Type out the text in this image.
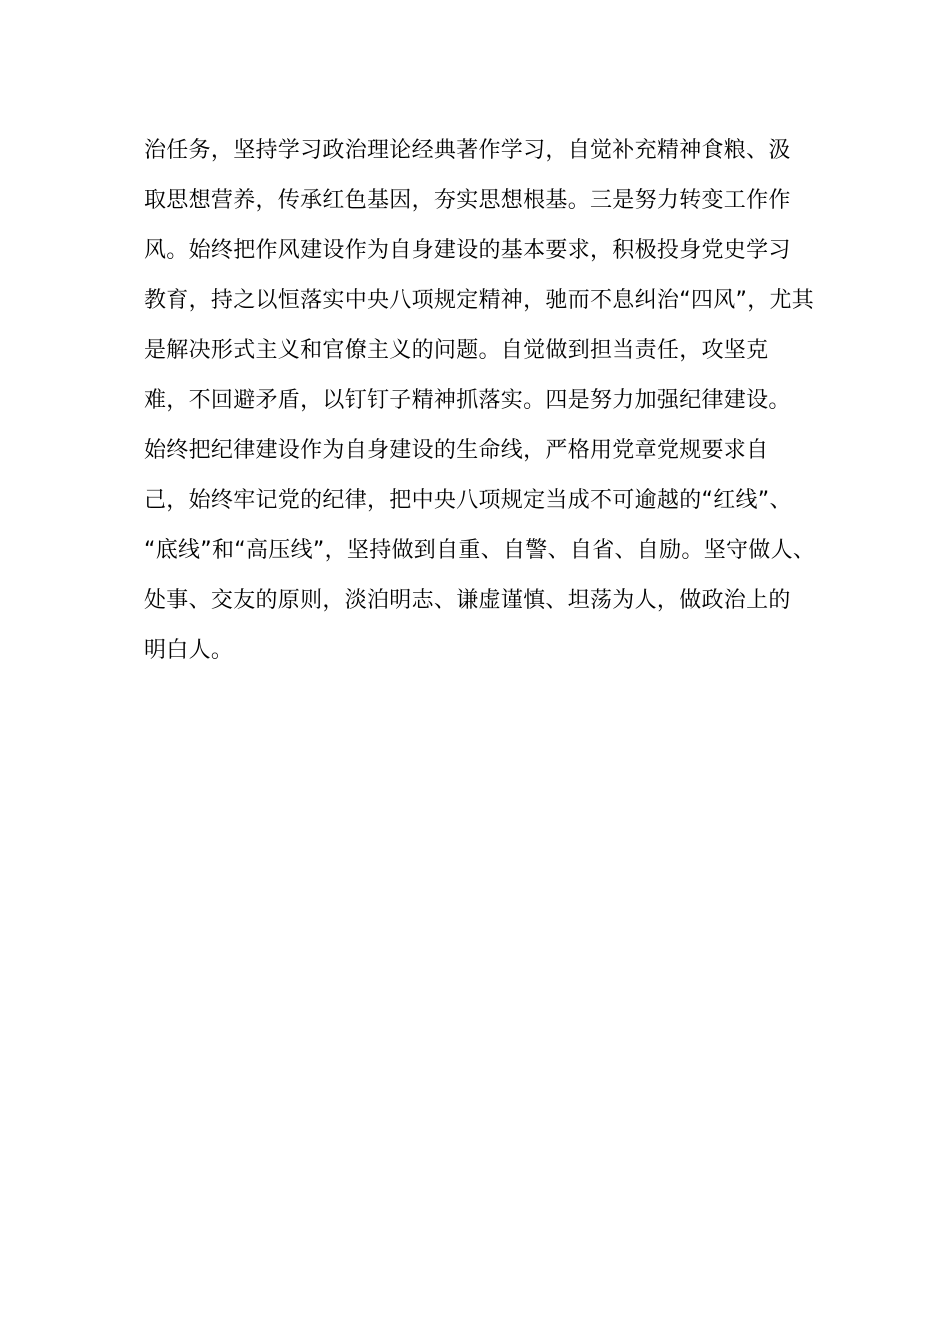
治任务，坚持学习政治理论经典著作学习，自觉补充精神食粮、汲
取思想营养，传承红色基因，夯实思想根基。三是努力转变工作作
风。始终把作风建设作为自身建设的基本要求，积极投身党史学习
教育，持之以恒落实中央八项规定精神，驰而不息纠治“四风”，尤其
是解决形式主义和官僚主义的问题。自觉做到担当责任，攻坚克
难，不回避矛盾，以钉钉子精神抓落实。四是努力加强纪律建设。
始终把纪律建设作为自身建设的生命线，严格用党章党规要求自
己，始终牢记党的纪律，把中央八项规定当成不可逾越的“红线”、
“底线”和“高压线”，坚持做到自重、自警、自省、自励。坚守做人、
处事、交友的原则，淡泊明志、谦虚谨慎、坦荡为人，做政治上的
明白人。
